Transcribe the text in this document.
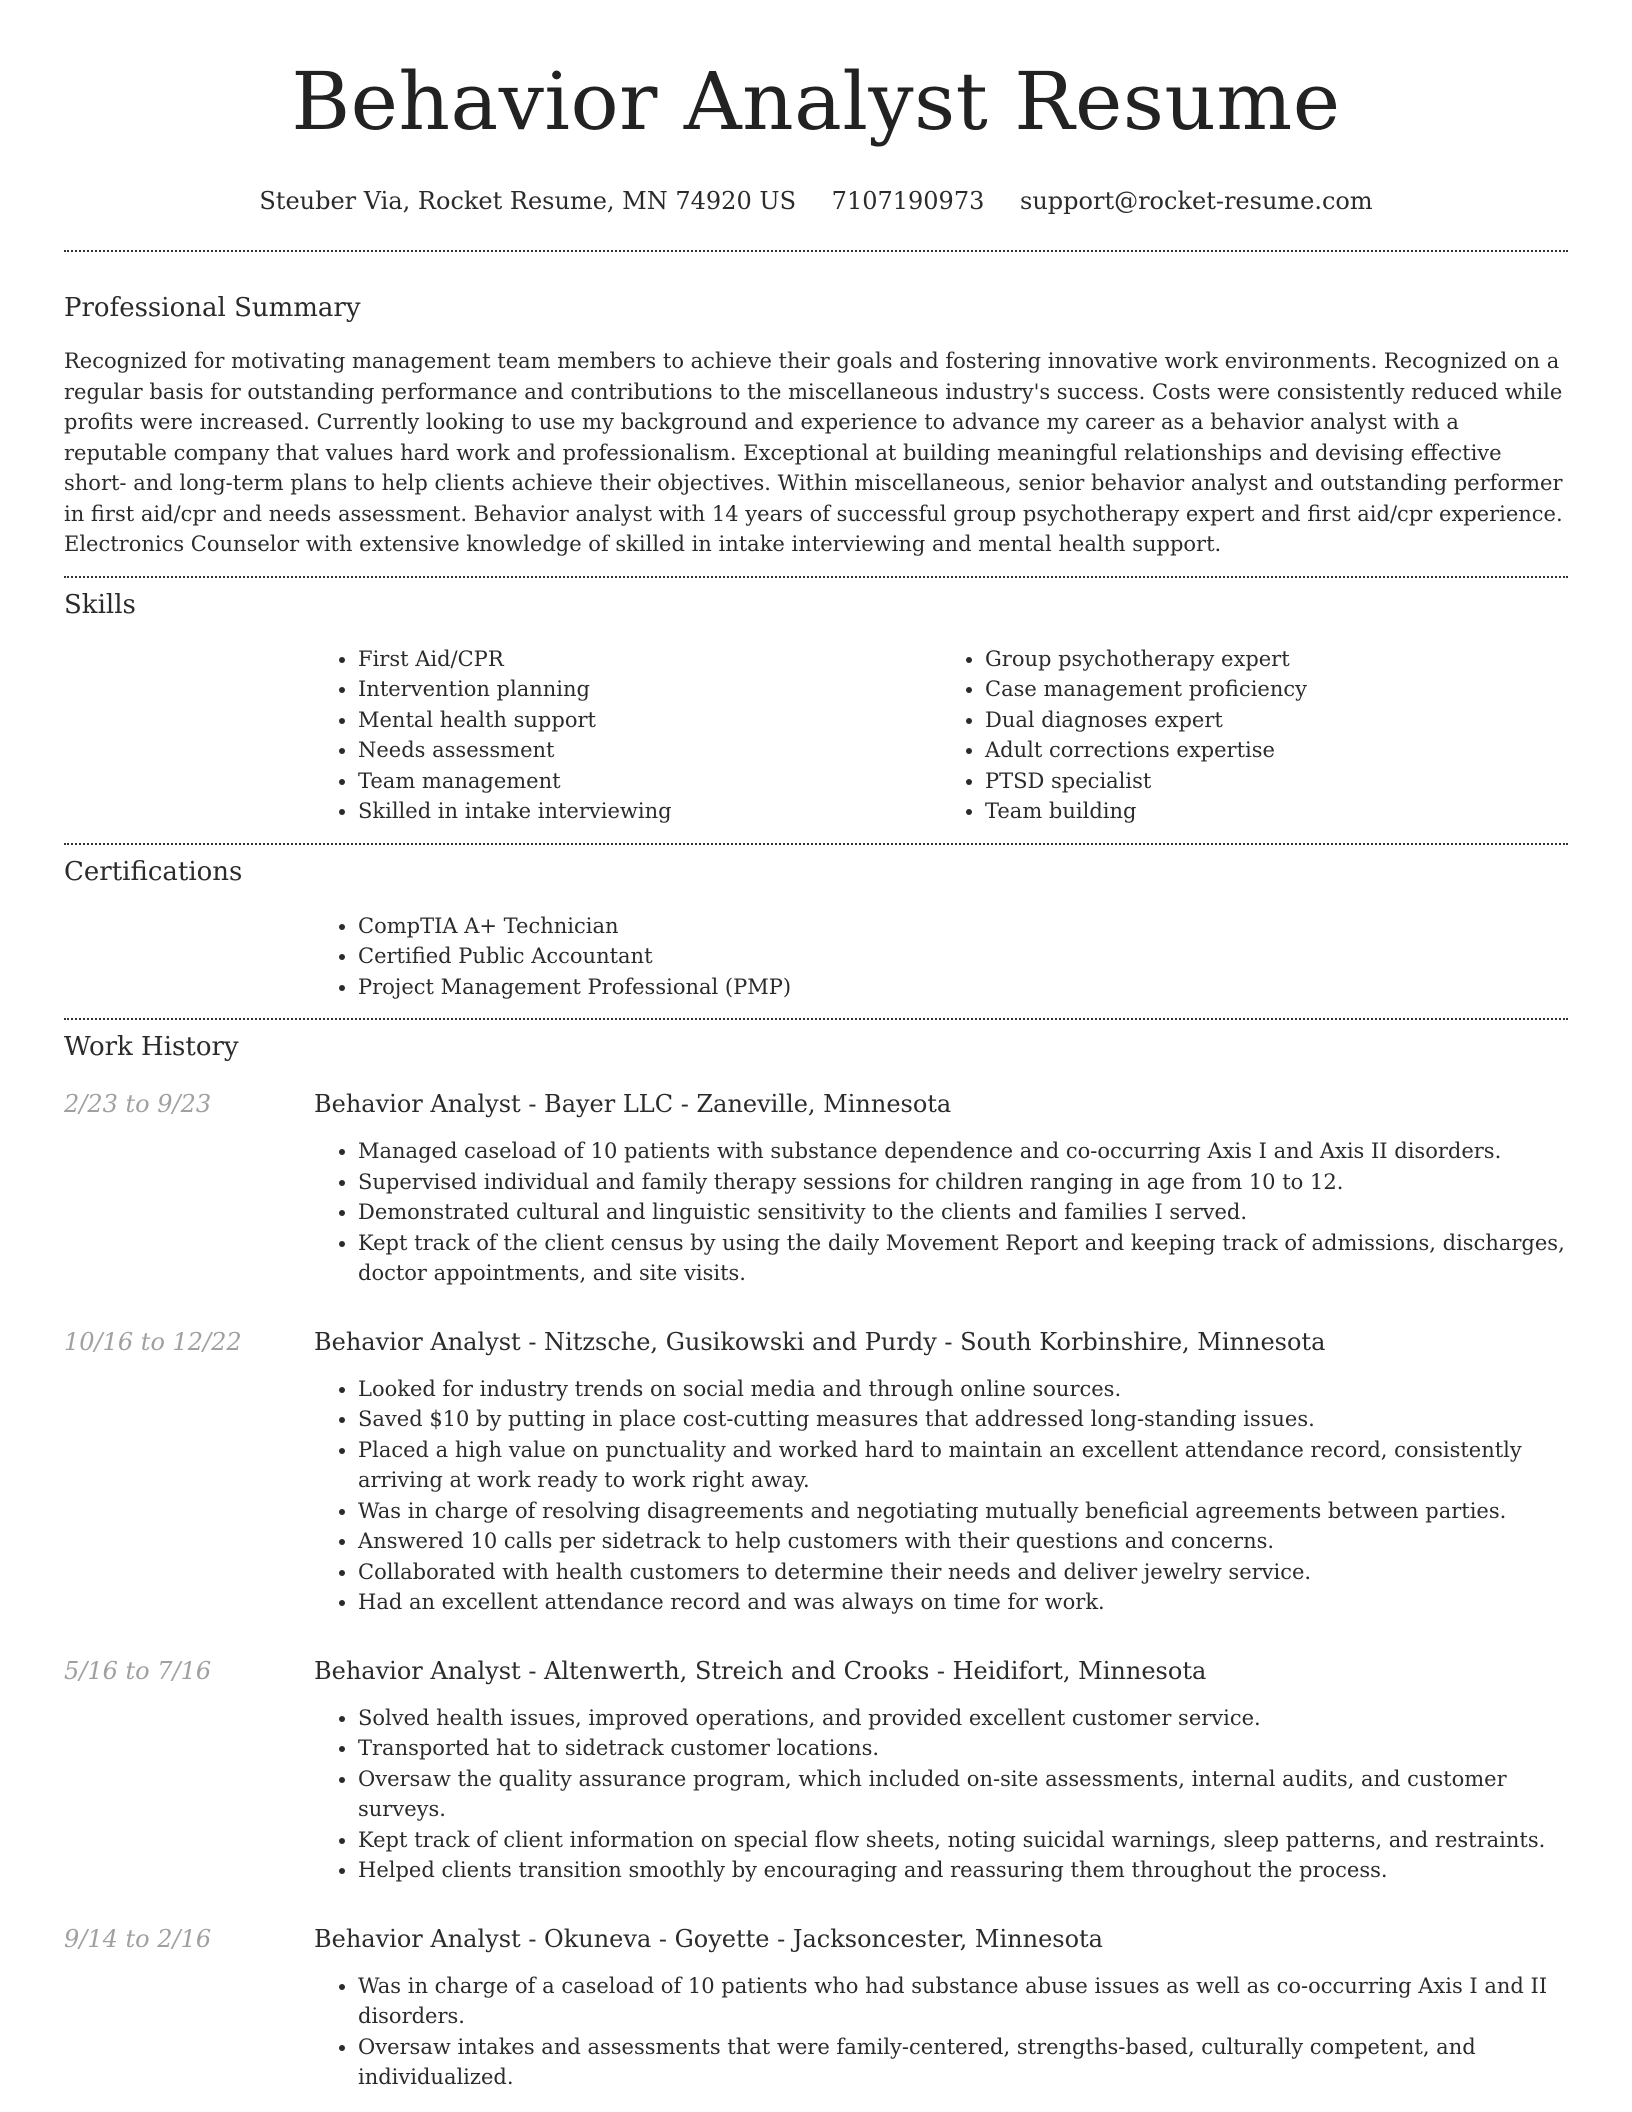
Behavior Analyst Resume
Steuber Via, Rocket Resume, MN 74920 US 7107190973 support@rocket-resume.com
Professional Summary

Recognized for motivating management team members to achieve their goals and fostering innovative work environments. Recognized on a regular basis for outstanding performance and contributions to the miscellaneous industry's success. Costs were consistently reduced while profits were increased. Currently looking to use my background and experience to advance my career as a behavior analyst with a reputable company that values hard work and professionalism. Exceptional at building meaningful relationships and devising effective short- and long-term plans to help clients achieve their objectives. Within miscellaneous, senior behavior analyst and outstanding performer in first aid/cpr and needs assessment. Behavior analyst with 14 years of successful group psychotherapy expert and first aid/cpr experience. Electronics Counselor with extensive knowledge of skilled in intake interviewing and mental health support.

Skills
• First Aid/CPR
• Intervention planning
• Mental health support
• Needs assessment
• Team management
• Skilled in intake interviewing
• Group psychotherapy expert
• Case management proficiency
• Dual diagnoses expert
• Adult corrections expertise
• PTSD specialist
• Team building
Certifications
• CompTIA A+ Technician
• Certified Public Accountant
• Project Management Professional (PMP)
Work History
2/23 to 9/23	Behavior Analyst - Bayer LLC - Zaneville, Minnesota
• Managed caseload of 10 patients with substance dependence and co-occurring Axis I and Axis II disorders.
• Supervised individual and family therapy sessions for children ranging in age from 10 to 12.
• Demonstrated cultural and linguistic sensitivity to the clients and families I served.
• Kept track of the client census by using the daily Movement Report and keeping track of admissions, discharges, doctor appointments, and site visits.
10/16 to 12/22	Behavior Analyst - Nitzsche, Gusikowski and Purdy - South Korbinshire, Minnesota
• Looked for industry trends on social media and through online sources.
• Saved $10 by putting in place cost-cutting measures that addressed long-standing issues.
• Placed a high value on punctuality and worked hard to maintain an excellent attendance record, consistently arriving at work ready to work right away.
• Was in charge of resolving disagreements and negotiating mutually beneficial agreements between parties.
• Answered 10 calls per sidetrack to help customers with their questions and concerns.
• Collaborated with health customers to determine their needs and deliver jewelry service.
• Had an excellent attendance record and was always on time for work.
5/16 to 7/16	Behavior Analyst - Altenwerth, Streich and Crooks - Heidifort, Minnesota
• Solved health issues, improved operations, and provided excellent customer service.
• Transported hat to sidetrack customer locations.
• Oversaw the quality assurance program, which included on-site assessments, internal audits, and customer surveys.
• Kept track of client information on special flow sheets, noting suicidal warnings, sleep patterns, and restraints.
• Helped clients transition smoothly by encouraging and reassuring them throughout the process.
9/14 to 2/16	Behavior Analyst - Okuneva - Goyette - Jacksoncester, Minnesota
• Was in charge of a caseload of 10 patients who had substance abuse issues as well as co-occurring Axis I and II disorders.
• Oversaw intakes and assessments that were family-centered, strengths-based, culturally competent, and individualized.
